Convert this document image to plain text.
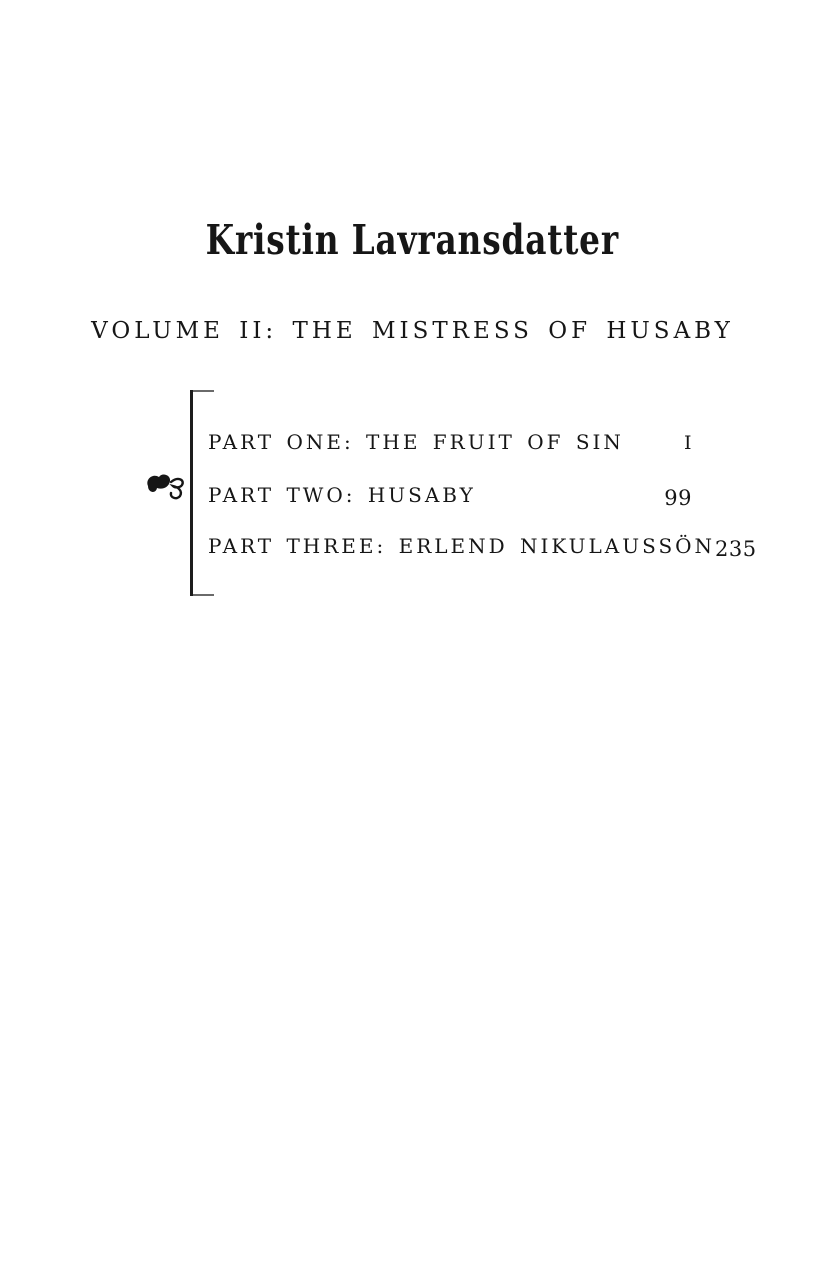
Kristin Lavransdatter
VOLUME II: THE MISTRESS OF HUSABY
PART ONE: THE FRUIT OF SIN	I
PART TWO: HUSABY	99
PART THREE: ERLEND NIKULAUSSÖN 235
